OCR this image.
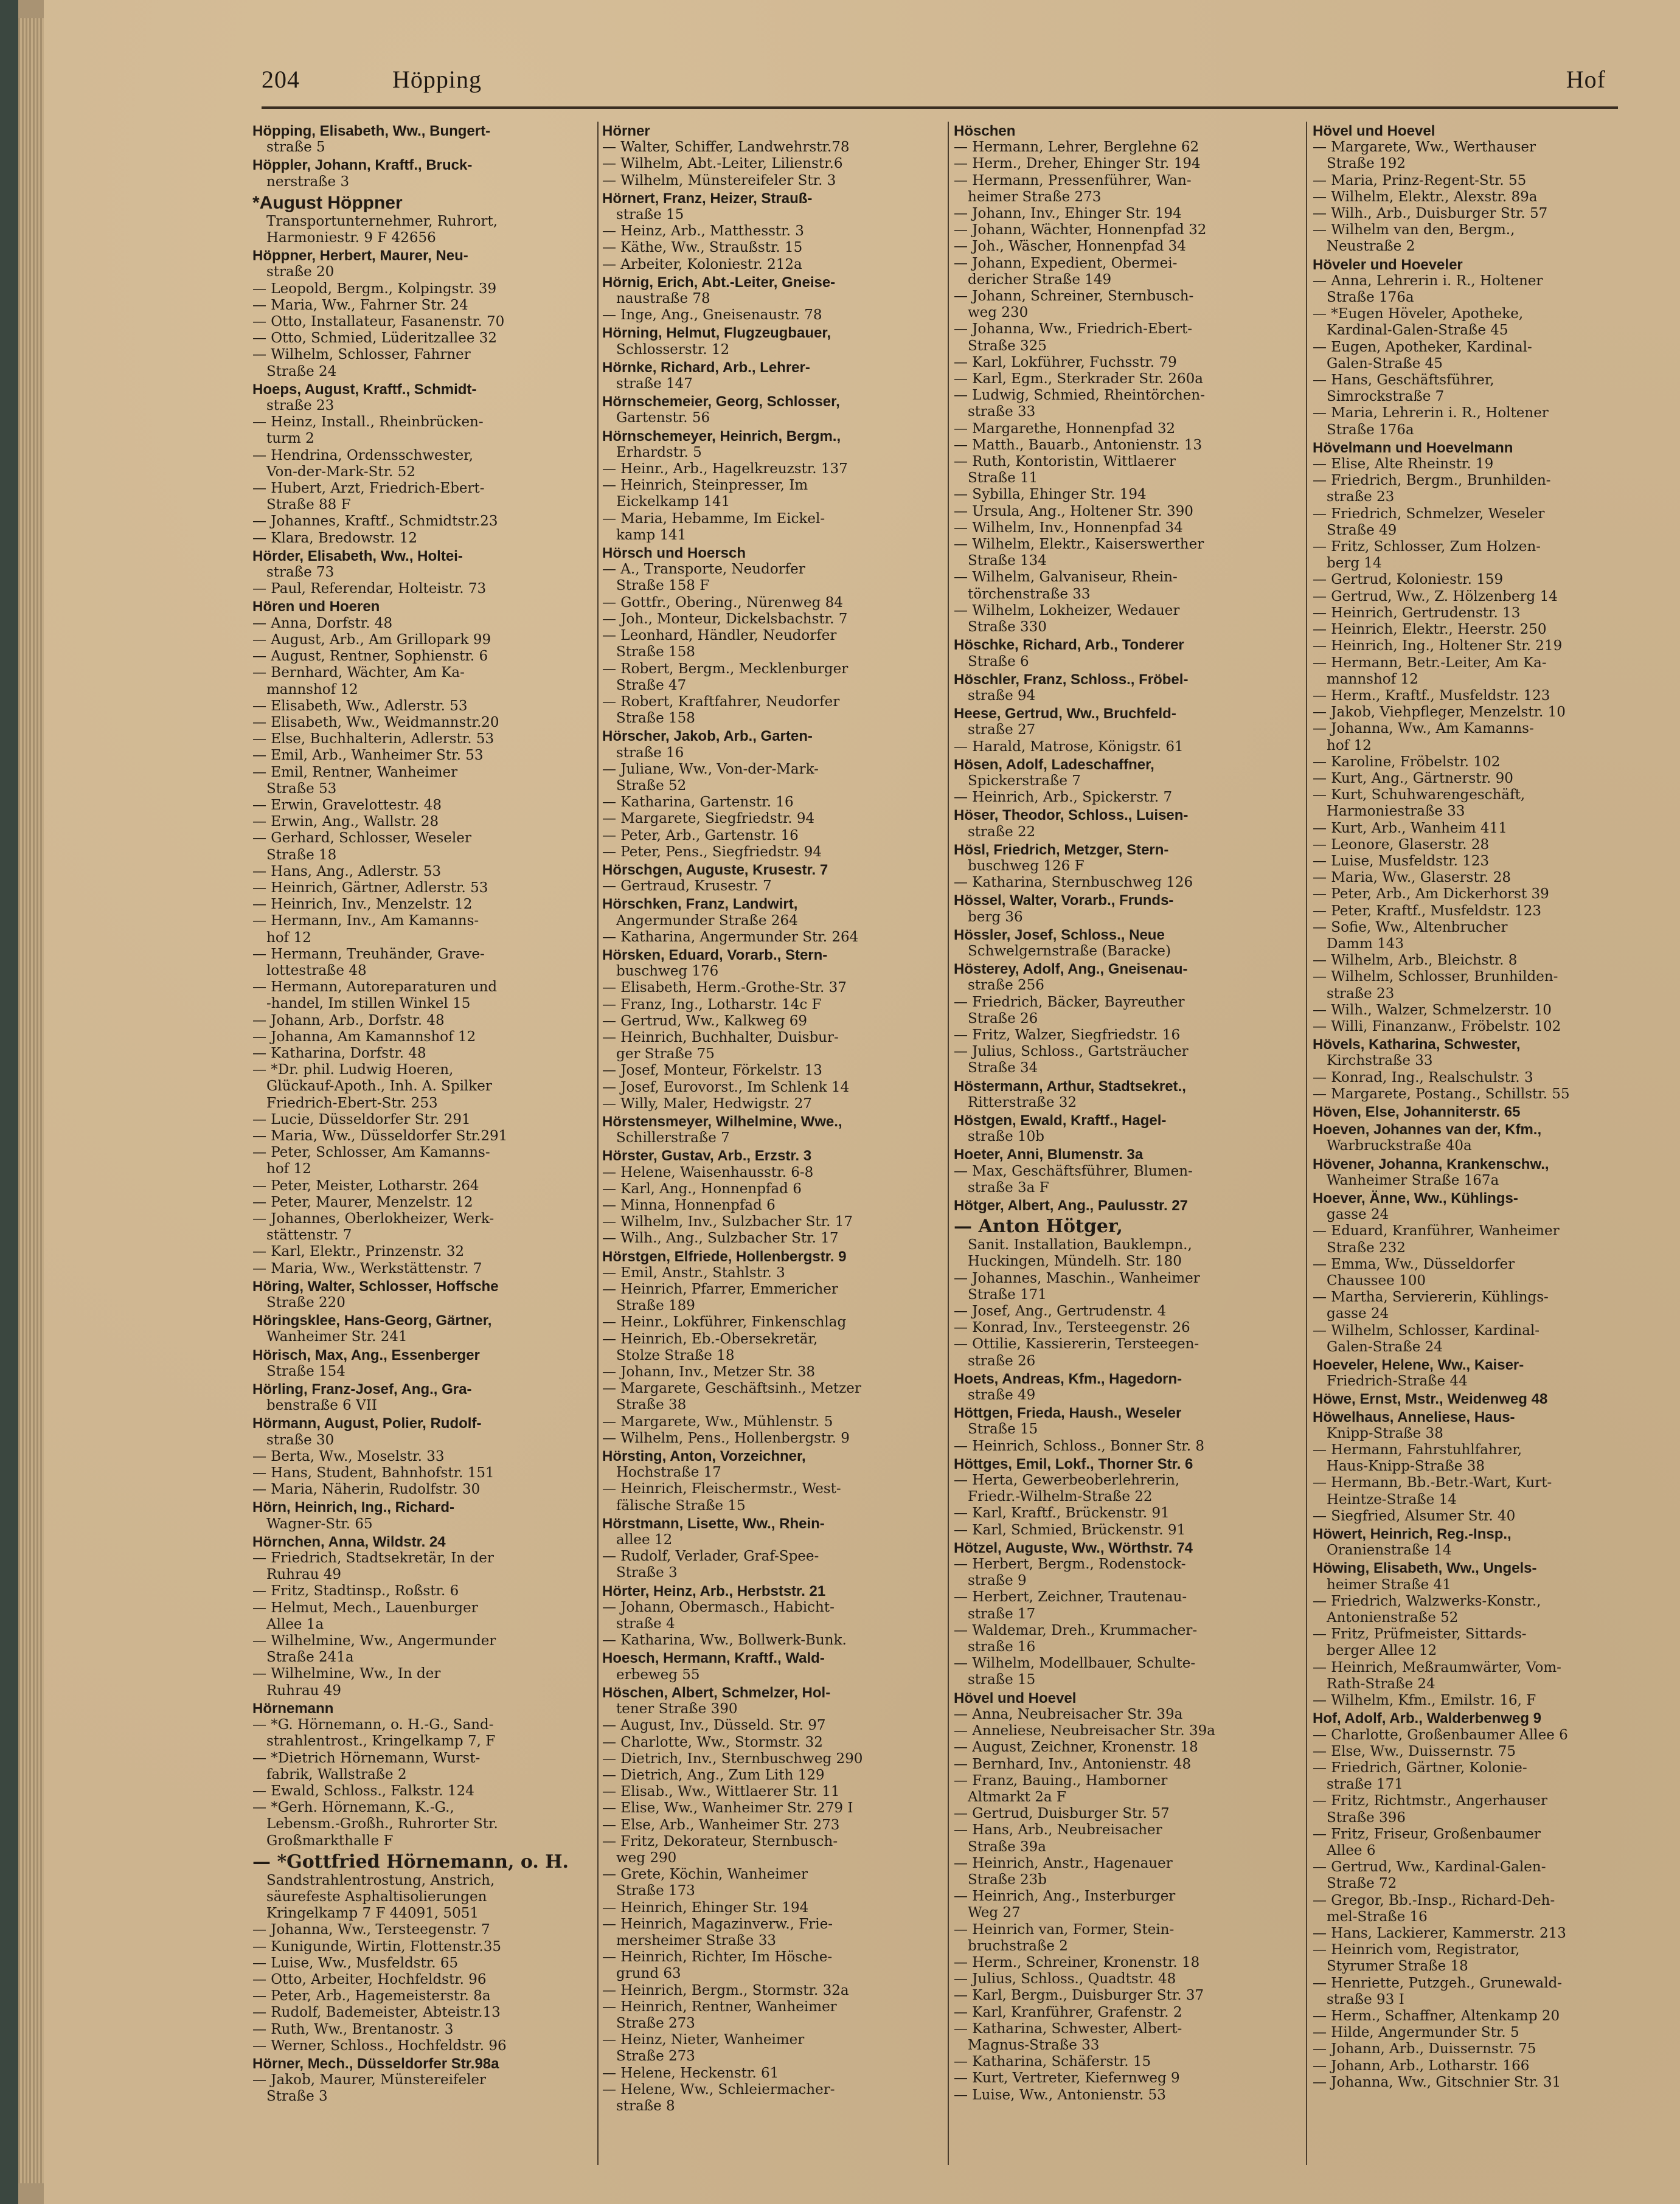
204	Höpping	Hof

Höpping, Elisabeth, Ww., Bungert-

 straße 5

Höppler, Johann, Kraftf., Bruck-

 nerstraße 3

*August Höppner

 Transportunternehmer, Ruhrort,

 Harmoniestr. 9 F 42656

Höppner, Herbert, Maurer, Neu-

 straße 20

— Leopold, Bergm., Kolpingstr. 39

— Maria, Ww., Fahrner Str. 24

— Otto, Installateur, Fasanenstr. 70

— Otto, Schmied, Lüderitzallee 32

— Wilhelm, Schlosser, Fahrner

 Straße 24

Hoeps, August, Kraftf., Schmidt-

 straße 23

— Heinz, Install., Rheinbrücken-

 turm 2

— Hendrina, Ordensschwester,

 Von-der-Mark-Str. 52

— Hubert, Arzt, Friedrich-Ebert-

 Straße 88 F

— Johannes, Kraftf., Schmidtstr.23

— Klara, Bredowstr. 12

Hörder, Elisabeth, Ww., Holtei-

 straße 73

— Paul, Referendar, Holteistr. 73

Hören und Hoeren

— Anna, Dorfstr. 48

— August, Arb., Am Grillopark 99

— August, Rentner, Sophienstr. 6

— Bernhard, Wächter, Am Ka-

 mannshof 12

— Elisabeth, Ww., Adlerstr. 53

— Elisabeth, Ww., Weidmannstr.20

— Else, Buchhalterin, Adlerstr. 53

— Emil, Arb., Wanheimer Str. 53

— Emil, Rentner, Wanheimer

 Straße 53

— Erwin, Gravelottestr. 48

— Erwin, Ang., Wallstr. 28

— Gerhard, Schlosser, Weseler

 Straße 18

— Hans, Ang., Adlerstr. 53

— Heinrich, Gärtner, Adlerstr. 53

— Heinrich, Inv., Menzelstr. 12

— Hermann, Inv., Am Kamanns-

 hof 12

— Hermann, Treuhänder, Grave-

 lottestraße 48

— Hermann, Autoreparaturen und

 -handel, Im stillen Winkel 15

— Johann, Arb., Dorfstr. 48

— Johanna, Am Kamannshof 12

— Katharina, Dorfstr. 48

— *Dr. phil. Ludwig Hoeren,

 Glückauf-Apoth., Inh. A. Spilker

 Friedrich-Ebert-Str. 253

— Lucie, Düsseldorfer Str. 291

— Maria, Ww., Düsseldorfer Str.291

— Peter, Schlosser, Am Kamanns-

 hof 12

— Peter, Meister, Lotharstr. 264

— Peter, Maurer, Menzelstr. 12

— Johannes, Oberlokheizer, Werk-

 stättenstr. 7

— Karl, Elektr., Prinzenstr. 32

— Maria, Ww., Werkstättenstr. 7

Höring, Walter, Schlosser, Hoffsche

 Straße 220

Höringsklee, Hans-Georg, Gärtner,

 Wanheimer Str. 241

Hörisch, Max, Ang., Essenberger

 Straße 154

Hörling, Franz-Josef, Ang., Gra-

 benstraße 6 VII

Hörmann, August, Polier, Rudolf-

 straße 30

— Berta, Ww., Moselstr. 33

— Hans, Student, Bahnhofstr. 151

— Maria, Näherin, Rudolfstr. 30

Hörn, Heinrich, Ing., Richard-

 Wagner-Str. 65

Hörnchen, Anna, Wildstr. 24

— Friedrich, Stadtsekretär, In der

 Ruhrau 49

— Fritz, Stadtinsp., Roßstr. 6

— Helmut, Mech., Lauenburger

 Allee 1a

— Wilhelmine, Ww., Angermunder

 Straße 241a

— Wilhelmine, Ww., In der

 Ruhrau 49

Hörnemann

— *G. Hörnemann, o. H.-G., Sand-

 strahlentrost., Kringelkamp 7, F

— *Dietrich Hörnemann, Wurst-

 fabrik, Wallstraße 2

— Ewald, Schloss., Falkstr. 124

— *Gerh. Hörnemann, K.-G.,

 Lebensm.-Großh., Ruhrorter Str.

 Großmarkthalle F

— *Gottfried Hörnemann, o. H.

 Sandstrahlentrostung, Anstrich,

 säurefeste Asphaltisolierungen

 Kringelkamp 7 F 44091, 5051

— Johanna, Ww., Tersteegenstr. 7

— Kunigunde, Wirtin, Flottenstr.35

— Luise, Ww., Musfeldstr. 65

— Otto, Arbeiter, Hochfeldstr. 96

— Peter, Arb., Hagemeisterstr. 8a

— Rudolf, Bademeister, Abteistr.13

— Ruth, Ww., Brentanostr. 3

— Werner, Schloss., Hochfeldstr. 96

Hörner, Mech., Düsseldorfer Str.98a

— Jakob, Maurer, Münstereifeler

 Straße 3

Hörner

— Walter, Schiffer, Landwehrstr.78

— Wilhelm, Abt.-Leiter, Lilienstr.6

— Wilhelm, Münstereifeler Str. 3

Hörnert, Franz, Heizer, Strauß-

 straße 15

— Heinz, Arb., Matthesstr. 3

— Käthe, Ww., Straußstr. 15

— Arbeiter, Koloniestr. 212a

Hörnig, Erich, Abt.-Leiter, Gneise-

 naustraße 78

— Inge, Ang., Gneisenaustr. 78

Hörning, Helmut, Flugzeugbauer,

 Schlosserstr. 12

Hörnke, Richard, Arb., Lehrer-

 straße 147

Hörnschemeier, Georg, Schlosser,

 Gartenstr. 56

Hörnschemeyer, Heinrich, Bergm.,

 Erhardstr. 5

— Heinr., Arb., Hagelkreuzstr. 137

— Heinrich, Steinpresser, Im

 Eickelkamp 141

— Maria, Hebamme, Im Eickel-

 kamp 141

Hörsch und Hoersch

— A., Transporte, Neudorfer

 Straße 158 F

— Gottfr., Obering., Nürenweg 84

— Joh., Monteur, Dickelsbachstr. 7

— Leonhard, Händler, Neudorfer

 Straße 158

— Robert, Bergm., Mecklenburger

 Straße 47

— Robert, Kraftfahrer, Neudorfer

 Straße 158

Hörscher, Jakob, Arb., Garten-

 straße 16

— Juliane, Ww., Von-der-Mark-

 Straße 52

— Katharina, Gartenstr. 16

— Margarete, Siegfriedstr. 94

— Peter, Arb., Gartenstr. 16

— Peter, Pens., Siegfriedstr. 94

Hörschgen, Auguste, Krusestr. 7

— Gertraud, Krusestr. 7

Hörschken, Franz, Landwirt,

 Angermunder Straße 264

— Katharina, Angermunder Str. 264

Hörsken, Eduard, Vorarb., Stern-

 buschweg 176

— Elisabeth, Herm.-Grothe-Str. 37

— Franz, Ing., Lotharstr. 14c F

— Gertrud, Ww., Kalkweg 69

— Heinrich, Buchhalter, Duisbur-

 ger Straße 75

— Josef, Monteur, Förkelstr. 13

— Josef, Eurovorst., Im Schlenk 14

— Willy, Maler, Hedwigstr. 27

Hörstensmeyer, Wilhelmine, Wwe.,

 Schillerstraße 7

Hörster, Gustav, Arb., Erzstr. 3

— Helene, Waisenhausstr. 6-8

— Karl, Ang., Honnenpfad 6

— Minna, Honnenpfad 6

— Wilhelm, Inv., Sulzbacher Str. 17

— Wilh., Ang., Sulzbacher Str. 17

Hörstgen, Elfriede, Hollenbergstr. 9

— Emil, Anstr., Stahlstr. 3

— Heinrich, Pfarrer, Emmericher

 Straße 189

— Heinr., Lokführer, Finkenschlag

— Heinrich, Eb.-Obersekretär,

 Stolze Straße 18

— Johann, Inv., Metzer Str. 38

— Margarete, Geschäftsinh., Metzer

 Straße 38

— Margarete, Ww., Mühlenstr. 5

— Wilhelm, Pens., Hollenbergstr. 9

Hörsting, Anton, Vorzeichner,

 Hochstraße 17

— Heinrich, Fleischermstr., West-

 fälische Straße 15

Hörstmann, Lisette, Ww., Rhein-

 allee 12

— Rudolf, Verlader, Graf-Spee-

 Straße 3

Hörter, Heinz, Arb., Herbststr. 21

— Johann, Obermasch., Habicht-

 straße 4

— Katharina, Ww., Bollwerk-Bunk.

Hoesch, Hermann, Kraftf., Wald-

 erbeweg 55

Höschen, Albert, Schmelzer, Hol-

 tener Straße 390

— August, Inv., Düsseld. Str. 97

— Charlotte, Ww., Stormstr. 32

— Dietrich, Inv., Sternbuschweg 290

— Dietrich, Ang., Zum Lith 129

— Elisab., Ww., Wittlaerer Str. 11

— Elise, Ww., Wanheimer Str. 279 I

— Else, Arb., Wanheimer Str. 273

— Fritz, Dekorateur, Sternbusch-

 weg 290

— Grete, Köchin, Wanheimer

 Straße 173

— Heinrich, Ehinger Str. 194

— Heinrich, Magazinverw., Frie-

 mersheimer Straße 33

— Heinrich, Richter, Im Hösche-

 grund 63

— Heinrich, Bergm., Stormstr. 32a

— Heinrich, Rentner, Wanheimer

 Straße 273

— Heinz, Nieter, Wanheimer

 Straße 273

— Helene, Heckenstr. 61

— Helene, Ww., Schleiermacher-

 straße 8

Höschen

— Hermann, Lehrer, Berglehne 62

— Herm., Dreher, Ehinger Str. 194

— Hermann, Pressenführer, Wan-

 heimer Straße 273

— Johann, Inv., Ehinger Str. 194

— Johann, Wächter, Honnenpfad 32

— Joh., Wäscher, Honnenpfad 34

— Johann, Expedient, Obermei-

 dericher Straße 149

— Johann, Schreiner, Sternbusch-

 weg 230

— Johanna, Ww., Friedrich-Ebert-

 Straße 325

— Karl, Lokführer, Fuchsstr. 79

— Karl, Egm., Sterkrader Str. 260a

— Ludwig, Schmied, Rheintörchen-

 straße 33

— Margarethe, Honnenpfad 32

— Matth., Bauarb., Antonienstr. 13

— Ruth, Kontoristin, Wittlaerer

 Straße 11

— Sybilla, Ehinger Str. 194

— Ursula, Ang., Holtener Str. 390

— Wilhelm, Inv., Honnenpfad 34

— Wilhelm, Elektr., Kaiserswerther

 Straße 134

— Wilhelm, Galvaniseur, Rhein-

 törchenstraße 33

— Wilhelm, Lokheizer, Wedauer

 Straße 330

Höschke, Richard, Arb., Tonderer

 Straße 6

Höschler, Franz, Schloss., Fröbel-

 straße 94

Heese, Gertrud, Ww., Bruchfeld-

 straße 27

— Harald, Matrose, Königstr. 61

Hösen, Adolf, Ladeschaffner,

 Spickerstraße 7

— Heinrich, Arb., Spickerstr. 7

Höser, Theodor, Schloss., Luisen-

 straße 22

Hösl, Friedrich, Metzger, Stern-

 buschweg 126 F

— Katharina, Sternbuschweg 126

Hössel, Walter, Vorarb., Frunds-

 berg 36

Hössler, Josef, Schloss., Neue

 Schwelgernstraße (Baracke)

Hösterey, Adolf, Ang., Gneisenau-

 straße 256

— Friedrich, Bäcker, Bayreuther

 Straße 26

— Fritz, Walzer, Siegfriedstr. 16

— Julius, Schloss., Gartsträucher

 Straße 34

Höstermann, Arthur, Stadtsekret.,

 Ritterstraße 32

Höstgen, Ewald, Kraftf., Hagel-

 straße 10b

Hoeter, Anni, Blumenstr. 3a

— Max, Geschäftsführer, Blumen-

 straße 3a F

Hötger, Albert, Ang., Paulusstr. 27

— Anton Hötger,

 Sanit. Installation, Bauklempn.,

 Huckingen, Mündelh. Str. 180

— Johannes, Maschin., Wanheimer

 Straße 171

— Josef, Ang., Gertrudenstr. 4

— Konrad, Inv., Tersteegenstr. 26

— Ottilie, Kassiererin, Tersteegen-

 straße 26

Hoets, Andreas, Kfm., Hagedorn-

 straße 49

Höttgen, Frieda, Haush., Weseler

 Straße 15

— Heinrich, Schloss., Bonner Str. 8

Höttges, Emil, Lokf., Thorner Str. 6

— Herta, Gewerbeoberlehrerin,

 Friedr.-Wilhelm-Straße 22

— Karl, Kraftf., Brückenstr. 91

— Karl, Schmied, Brückenstr. 91

Hötzel, Auguste, Ww., Wörthstr. 74

— Herbert, Bergm., Rodenstock-

 straße 9

— Herbert, Zeichner, Trautenau-

 straße 17

— Waldemar, Dreh., Krummacher-

 straße 16

— Wilhelm, Modellbauer, Schulte-

 straße 15

Hövel und Hoevel

— Anna, Neubreisacher Str. 39a

— Anneliese, Neubreisacher Str. 39a

— August, Zeichner, Kronenstr. 18

— Bernhard, Inv., Antonienstr. 48

— Franz, Bauing., Hamborner

 Altmarkt 2a F

— Gertrud, Duisburger Str. 57

— Hans, Arb., Neubreisacher

 Straße 39a

— Heinrich, Anstr., Hagenauer

 Straße 23b

— Heinrich, Ang., Insterburger

 Weg 27

— Heinrich van, Former, Stein-

 bruchstraße 2

— Herm., Schreiner, Kronenstr. 18

— Julius, Schloss., Quadtstr. 48

— Karl, Bergm., Duisburger Str. 37

— Karl, Kranführer, Grafenstr. 2

— Katharina, Schwester, Albert-

 Magnus-Straße 33

— Katharina, Schäferstr. 15

— Kurt, Vertreter, Kiefernweg 9

— Luise, Ww., Antonienstr. 53

Hövel und Hoevel

— Margarete, Ww., Werthauser

 Straße 192

— Maria, Prinz-Regent-Str. 55

— Wilhelm, Elektr., Alexstr. 89a

— Wilh., Arb., Duisburger Str. 57

— Wilhelm van den, Bergm.,

 Neustraße 2

Höveler und Hoeveler

— Anna, Lehrerin i. R., Holtener

 Straße 176a

— *Eugen Höveler, Apotheke,

 Kardinal-Galen-Straße 45

— Eugen, Apotheker, Kardinal-

 Galen-Straße 45

— Hans, Geschäftsführer,

 Simrockstraße 7

— Maria, Lehrerin i. R., Holtener

 Straße 176a

Hövelmann und Hoevelmann

— Elise, Alte Rheinstr. 19

— Friedrich, Bergm., Brunhilden-

 straße 23

— Friedrich, Schmelzer, Weseler

 Straße 49

— Fritz, Schlosser, Zum Holzen-

 berg 14

— Gertrud, Koloniestr. 159

— Gertrud, Ww., Z. Hölzenberg 14

— Heinrich, Gertrudenstr. 13

— Heinrich, Elektr., Heerstr. 250

— Heinrich, Ing., Holtener Str. 219

— Hermann, Betr.-Leiter, Am Ka-

 mannshof 12

— Herm., Kraftf., Musfeldstr. 123

— Jakob, Viehpfleger, Menzelstr. 10

— Johanna, Ww., Am Kamanns-

 hof 12

— Karoline, Fröbelstr. 102

— Kurt, Ang., Gärtnerstr. 90

— Kurt, Schuhwarengeschäft,

 Harmoniestraße 33

— Kurt, Arb., Wanheim 411

— Leonore, Glaserstr. 28

— Luise, Musfeldstr. 123

— Maria, Ww., Glaserstr. 28

— Peter, Arb., Am Dickerhorst 39

— Peter, Kraftf., Musfeldstr. 123

— Sofie, Ww., Altenbrucher

 Damm 143

— Wilhelm, Arb., Bleichstr. 8

— Wilhelm, Schlosser, Brunhilden-

 straße 23

— Wilh., Walzer, Schmelzerstr. 10

— Willi, Finanzanw., Fröbelstr. 102

Hövels, Katharina, Schwester,

 Kirchstraße 33

— Konrad, Ing., Realschulstr. 3

— Margarete, Postang., Schillstr. 55

Höven, Else, Johanniterstr. 65

Hoeven, Johannes van der, Kfm.,

 Warbruckstraße 40a

Hövener, Johanna, Krankenschw.,

 Wanheimer Straße 167a

Hoever, Änne, Ww., Kühlings-

 gasse 24

— Eduard, Kranführer, Wanheimer

 Straße 232

— Emma, Ww., Düsseldorfer

 Chaussee 100

— Martha, Serviererin, Kühlings-

 gasse 24

— Wilhelm, Schlosser, Kardinal-

 Galen-Straße 24

Hoeveler, Helene, Ww., Kaiser-

 Friedrich-Straße 44

Höwe, Ernst, Mstr., Weidenweg 48

Höwelhaus, Anneliese, Haus-

 Knipp-Straße 38

— Hermann, Fahrstuhlfahrer,

 Haus-Knipp-Straße 38

— Hermann, Bb.-Betr.-Wart, Kurt-

 Heintze-Straße 14

— Siegfried, Alsumer Str. 40

Höwert, Heinrich, Reg.-Insp.,

 Oranienstraße 14

Höwing, Elisabeth, Ww., Ungels-

 heimer Straße 41

— Friedrich, Walzwerks-Konstr.,

 Antonienstraße 52

— Fritz, Prüfmeister, Sittards-

 berger Allee 12

— Heinrich, Meßraumwärter, Vom-

 Rath-Straße 24

— Wilhelm, Kfm., Emilstr. 16, F

Hof, Adolf, Arb., Walderbenweg 9

— Charlotte, Großenbaumer Allee 6

— Else, Ww., Duissernstr. 75

— Friedrich, Gärtner, Kolonie-

 straße 171

— Fritz, Richtmstr., Angerhauser

 Straße 396

— Fritz, Friseur, Großenbaumer

 Allee 6

— Gertrud, Ww., Kardinal-Galen-

 Straße 72

— Gregor, Bb.-Insp., Richard-Deh-

 mel-Straße 16

— Hans, Lackierer, Kammerstr. 213

— Heinrich vom, Registrator,

 Styrumer Straße 18

— Henriette, Putzgeh., Grunewald-

 straße 93 I

— Herm., Schaffner, Altenkamp 20

— Hilde, Angermunder Str. 5

— Johann, Arb., Duissernstr. 75

— Johann, Arb., Lotharstr. 166

— Johanna, Ww., Gitschnier Str. 31
